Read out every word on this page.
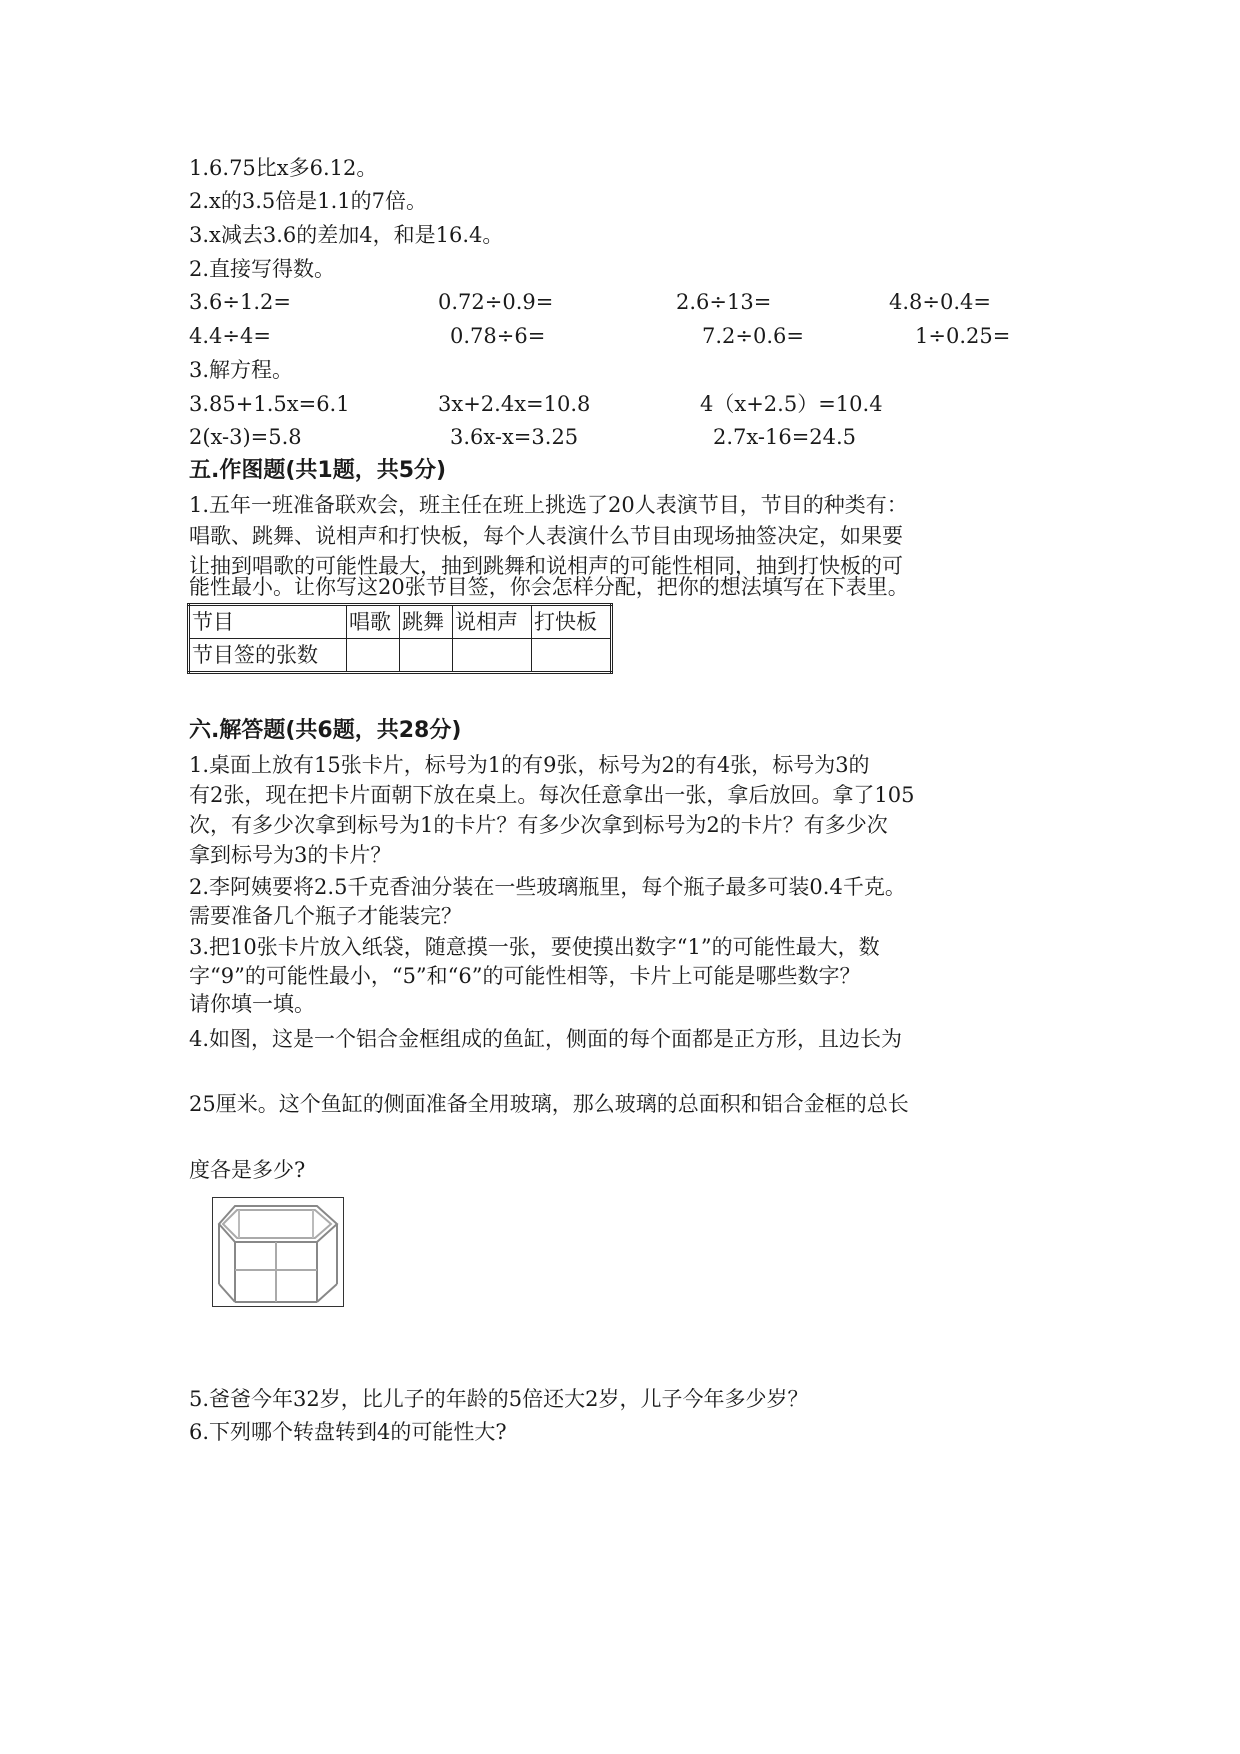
1.6.75比x多6.12。
2.x的3.5倍是1.1的7倍。
3.x减去3.6的差加4，和是16.4。
2.直接写得数。
3.6÷1.2=	0.72÷0.9=	2.6÷13=	4.8÷0.4=
4.4÷4=	0.78÷6=	7.2÷0.6=	1÷0.25=
3.解方程。
3.85+1.5x=6.1	3x+2.4x=10.8	4（x+2.5）=10.4
2(x-3)=5.8	3.6x-x=3.25	2.7x-16=24.5
五.作图题(共1题，共5分)
1.五年一班准备联欢会，班主任在班上挑选了20人表演节目，节目的种类有：
唱歌、跳舞、说相声和打快板，每个人表演什么节目由现场抽签决定，如果要
让抽到唱歌的可能性最大，抽到跳舞和说相声的可能性相同，抽到打快板的可
能性最小。让你写这20张节目签，你会怎样分配，把你的想法填写在下表里。
节目	唱歌	跳舞	说相声	打快板
节目签的张数				
六.解答题(共6题，共28分)
1.桌面上放有15张卡片，标号为1的有9张，标号为2的有4张，标号为3的
有2张，现在把卡片面朝下放在桌上。每次任意拿出一张，拿后放回。拿了105
次，有多少次拿到标号为1的卡片？有多少次拿到标号为2的卡片？有多少次
拿到标号为3的卡片？
2.李阿姨要将2.5千克香油分装在一些玻璃瓶里，每个瓶子最多可装0.4千克。
需要准备几个瓶子才能装完？
3.把10张卡片放入纸袋，随意摸一张，要使摸出数字“1”的可能性最大，数
字“9”的可能性最小，“5”和“6”的可能性相等，卡片上可能是哪些数字？
请你填一填。
4.如图，这是一个铝合金框组成的鱼缸，侧面的每个面都是正方形，且边长为
25厘米。这个鱼缸的侧面准备全用玻璃，那么玻璃的总面积和铝合金框的总长
度各是多少?
5.爸爸今年32岁，比儿子的年龄的5倍还大2岁，儿子今年多少岁？
6.下列哪个转盘转到4的可能性大?
